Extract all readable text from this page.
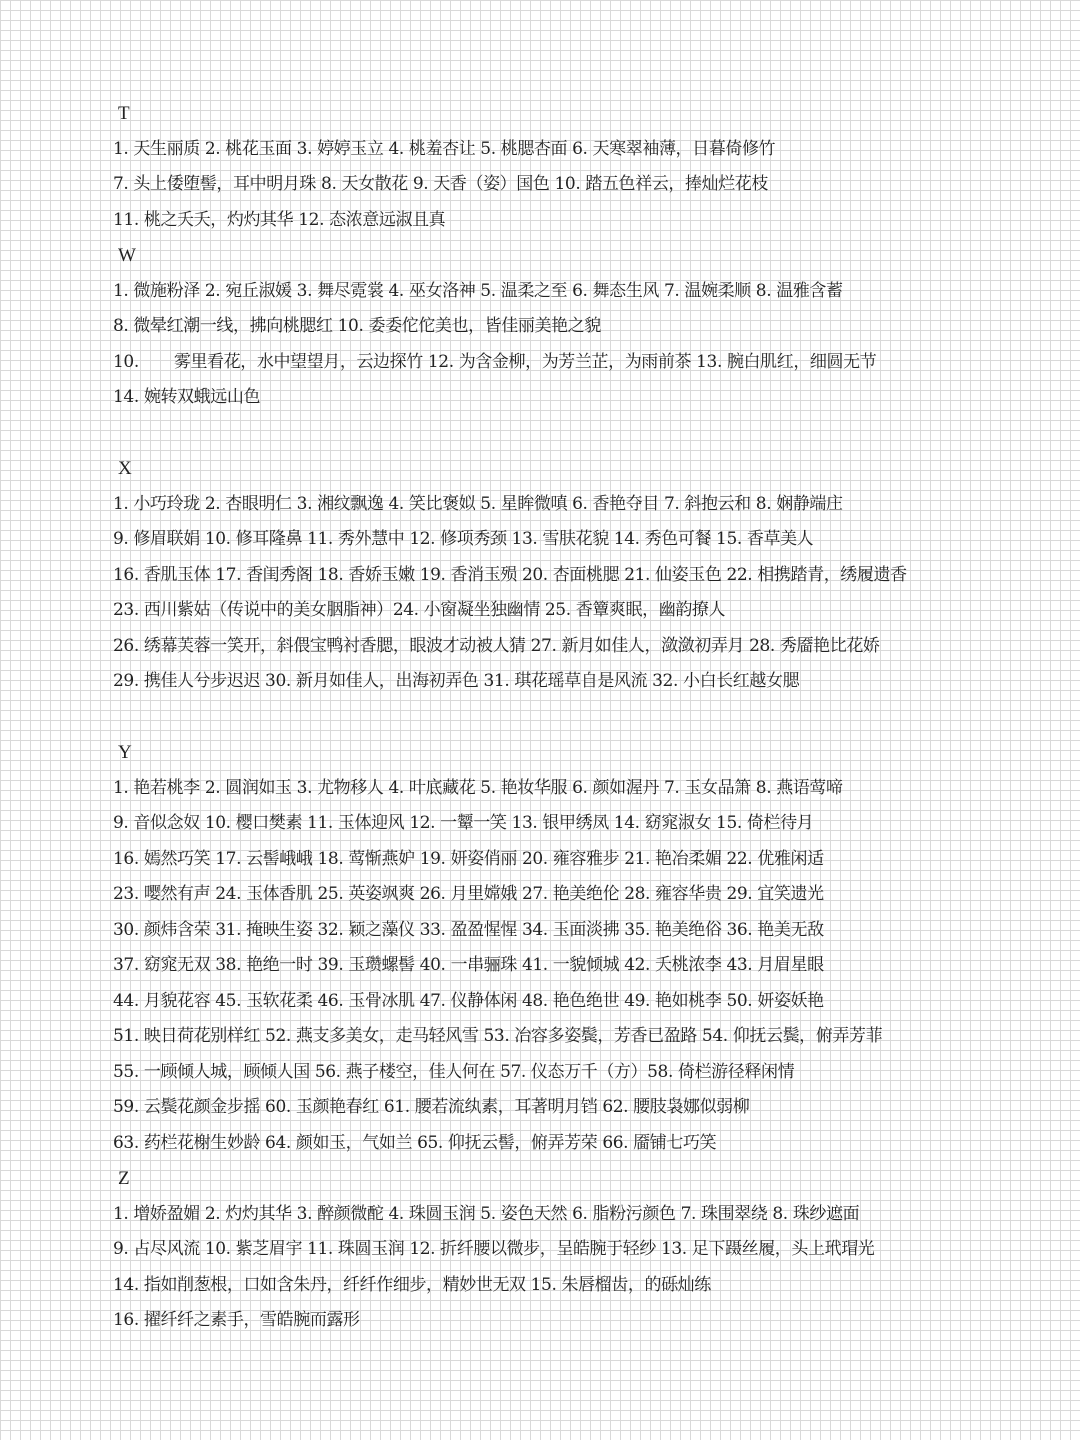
T
1. 天生丽质 2. 桃花玉面 3. 婷婷玉立 4. 桃羞杏让 5. 桃腮杏面 6. 天寒翠袖薄，日暮倚修竹
7. 头上倭堕髻，耳中明月珠 8. 天女散花 9. 天香（姿）国色 10. 踏五色祥云，捧灿烂花枝
11. 桃之夭夭，灼灼其华 12. 态浓意远淑且真
W
1. 微施粉泽 2. 宛丘淑媛 3. 舞尽霓裳 4. 巫女洛神 5. 温柔之至 6. 舞态生风 7. 温婉柔顺 8. 温雅含蓄
8. 微晕红潮一线，拂向桃腮红 10. 委委佗佗美也，皆佳丽美艳之貌
10.       雾里看花，水中望望月，云边探竹 12. 为含金柳，为芳兰芷，为雨前茶 13. 腕白肌红，细圆无节
14. 婉转双蛾远山色
X
1. 小巧玲珑 2. 杏眼明仁 3. 湘纹飘逸 4. 笑比褒姒 5. 星眸微嗔 6. 香艳夺目 7. 斜抱云和 8. 娴静端庄
9. 修眉联娟 10. 修耳隆鼻 11. 秀外慧中 12. 修项秀颈 13. 雪肤花貌 14. 秀色可餐 15. 香草美人
16. 香肌玉体 17. 香闺秀阁 18. 香娇玉嫩 19. 香消玉殒 20. 杏面桃腮 21. 仙姿玉色 22. 相携踏青，绣履遗香
23. 西川紫姑（传说中的美女胭脂神）24. 小窗凝坐独幽情 25. 香簟爽眠，幽韵撩人
26. 绣幕芙蓉一笑开，斜偎宝鸭衬香腮，眼波才动被人猜 27. 新月如佳人，潋潋初弄月 28. 秀靥艳比花娇
29. 携佳人兮步迟迟 30. 新月如佳人，出海初弄色 31. 琪花瑶草自是风流 32. 小白长红越女腮
Y
1. 艳若桃李 2. 圆润如玉 3. 尤物移人 4. 叶底藏花 5. 艳妆华服 6. 颜如渥丹 7. 玉女品箫 8. 燕语莺啼
9. 音似念奴 10. 樱口樊素 11. 玉体迎风 12. 一颦一笑 13. 银甲绣凤 14. 窈窕淑女 15. 倚栏待月
16. 嫣然巧笑 17. 云髻峨峨 18. 莺惭燕妒 19. 妍姿俏丽 20. 雍容雅步 21. 艳冶柔媚 22. 优雅闲适
23. 嘤然有声 24. 玉体香肌 25. 英姿飒爽 26. 月里嫦娥 27. 艳美绝伦 28. 雍容华贵 29. 宜笑遗光
30. 颜炜含荣 31. 掩映生姿 32. 颖之藻仪 33. 盈盈惺惺 34. 玉面淡拂 35. 艳美绝俗 36. 艳美无敌
37. 窈窕无双 38. 艳绝一时 39. 玉瓒螺髻 40. 一串骊珠 41. 一貌倾城 42. 夭桃浓李 43. 月眉星眼
44. 月貌花容 45. 玉软花柔 46. 玉骨冰肌 47. 仪静体闲 48. 艳色绝世 49. 艳如桃李 50. 妍姿妖艳
51. 映日荷花别样红 52. 燕支多美女，走马轻风雪 53. 冶容多姿鬓，芳香已盈路 54. 仰抚云鬓，俯弄芳菲
55. 一顾倾人城，顾倾人国 56. 燕子楼空，佳人何在 57. 仪态万千（方）58. 倚栏游径释闲情
59. 云鬓花颜金步摇 60. 玉颜艳春红 61. 腰若流纨素，耳著明月铛 62. 腰肢袅娜似弱柳
63. 药栏花榭生妙龄 64. 颜如玉，气如兰 65. 仰抚云髻，俯弄芳荣 66. 靥铺七巧笑
Z
1. 增娇盈媚 2. 灼灼其华 3. 醉颜微酡 4. 珠圆玉润 5. 姿色天然 6. 脂粉污颜色 7. 珠围翠绕 8. 珠纱遮面
9. 占尽风流 10. 紫芝眉宇 11. 珠圆玉润 12. 折纤腰以微步，呈皓腕于轻纱 13. 足下蹑丝履，头上玳瑁光
14. 指如削葱根，口如含朱丹，纤纤作细步，精妙世无双 15. 朱唇榴齿，的砾灿练
16. 擢纤纤之素手，雪皓腕而露形
